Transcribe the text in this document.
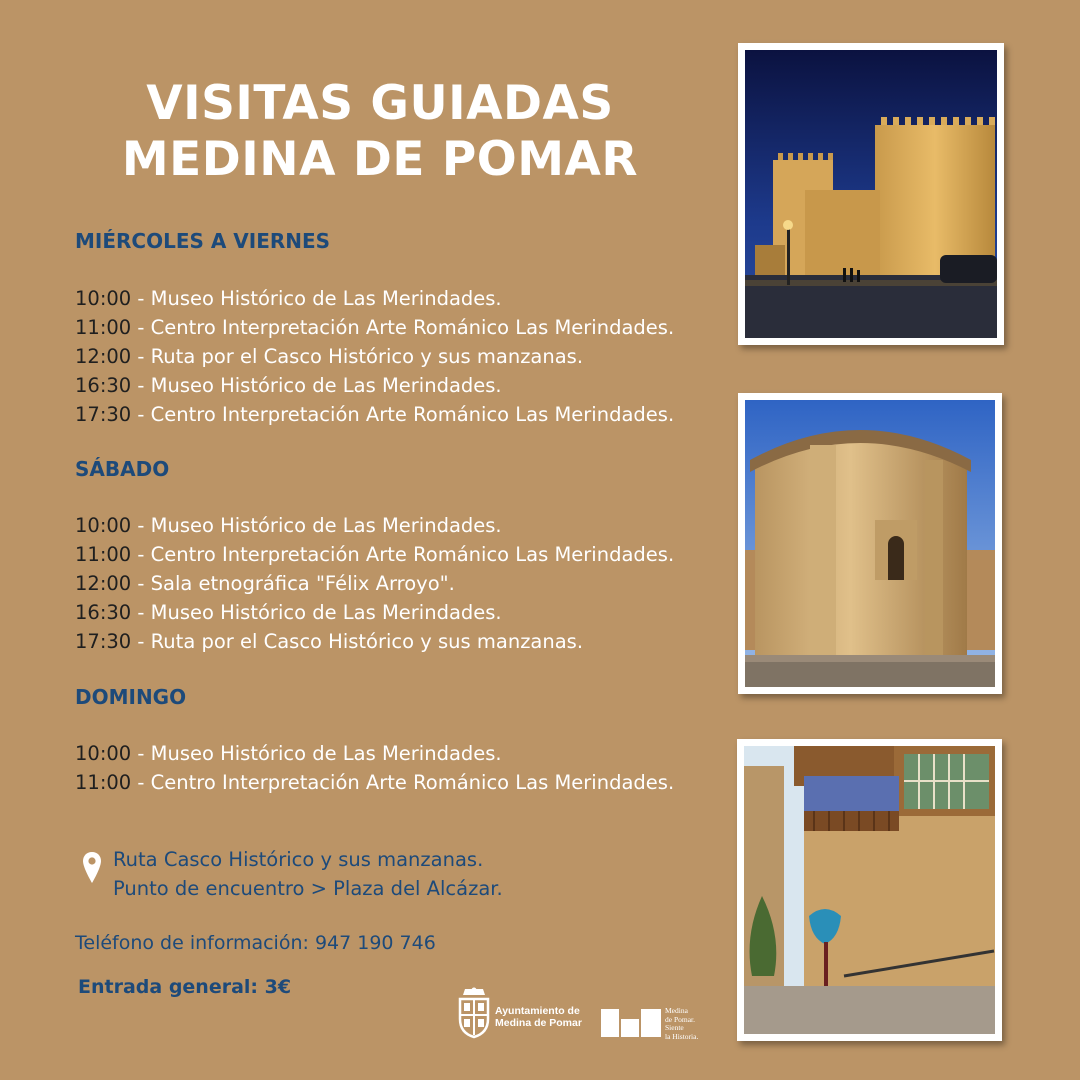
VISITAS GUIADAS
MEDINA DE POMAR
MIÉRCOLES A VIERNES
10:00 - Museo Histórico de Las Merindades.
11:00 - Centro Interpretación Arte Románico Las Merindades.
12:00 - Ruta por el Casco Histórico y sus manzanas.
16:30 - Museo Histórico de Las Merindades.
17:30 - Centro Interpretación Arte Románico Las Merindades.
SÁBADO
10:00 - Museo Histórico de Las Merindades.
11:00 - Centro Interpretación Arte Románico Las Merindades.
12:00 - Sala etnográfica "Félix Arroyo".
16:30 - Museo Histórico de Las Merindades.
17:30 - Ruta por el Casco Histórico y sus manzanas.
DOMINGO
10:00 - Museo Histórico de Las Merindades.
11:00 - Centro Interpretación Arte Románico Las Merindades.
Ruta Casco Histórico y sus manzanas.
Punto de encuentro > Plaza del Alcázar.
Teléfono de información: 947 190 746
Entrada general: 3€
Ayuntamiento de
Medina de Pomar
Medina
de Pomar.
Siente
la Historia.
